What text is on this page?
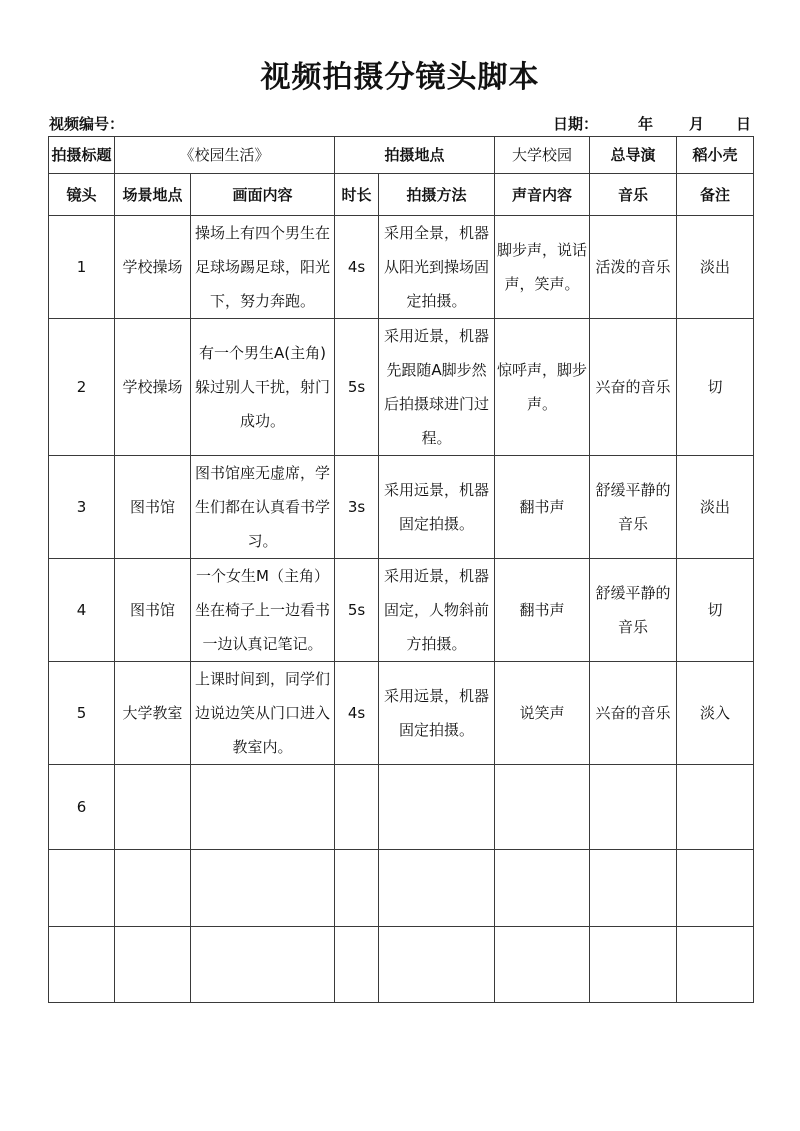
视频拍摄分镜头脚本
视频编号：	日期：	年 月 日
拍摄标题	《校园生活》		拍摄地点		大学校园	总导演	稻小壳
镜头	场景地点	画面内容	时长	拍摄方法	声音内容	音乐	备注
1	学校操场	操场上有四个男生在足球场踢足球，阳光下，努力奔跑。	4s	采用全景，机器从阳光到操场固定拍摄。	脚步声，说话声，笑声。	活泼的音乐	淡出
2	学校操场	有一个男生A(主角)躲过别人干扰，射门成功。	5s	采用近景，机器先跟随A脚步然后拍摄球进门过程。	惊呼声，脚步声。	兴奋的音乐	切
3	图书馆	图书馆座无虚席，学生们都在认真看书学习。	3s	采用远景，机器固定拍摄。	翻书声	舒缓平静的音乐	淡出
4	图书馆	一个女生M（主角）坐在椅子上一边看书一边认真记笔记。	5s	采用近景，机器固定，人物斜前方拍摄。	翻书声	舒缓平静的音乐	切
5	大学教室	上课时间到，同学们边说边笑从门口进入教室内。	4s	采用远景，机器固定拍摄。	说笑声	兴奋的音乐	淡入
6							
